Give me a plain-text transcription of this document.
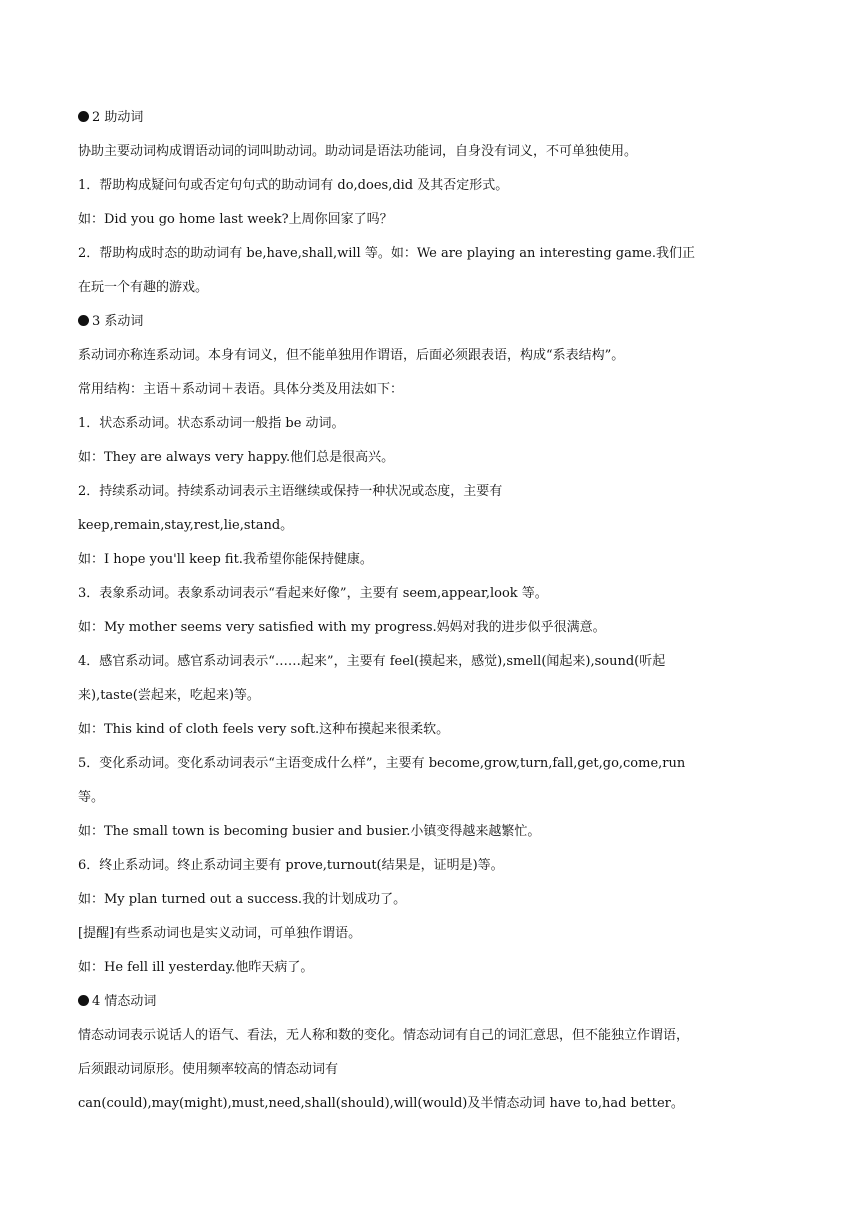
2 助动词

协助主要动词构成谓语动词的词叫助动词。助动词是语法功能词，自身没有词义，不可单独使用。

1．帮助构成疑问句或否定句句式的助动词有 do,does,did 及其否定形式。

如：Did you go home last week?上周你回家了吗？

2．帮助构成时态的助动词有 be,have,shall,will 等。如：We are playing an interesting game.我们正

在玩一个有趣的游戏。

3 系动词

系动词亦称连系动词。本身有词义，但不能单独用作谓语，后面必须跟表语，构成“系表结构”。

常用结构：主语＋系动词＋表语。具体分类及用法如下：

1．状态系动词。状态系动词一般指 be 动词。

如：They are always very happy.他们总是很高兴。

2．持续系动词。持续系动词表示主语继续或保持一种状况或态度，主要有

keep,remain,stay,rest,lie,stand。

如：I hope you'll keep fit.我希望你能保持健康。

3．表象系动词。表象系动词表示“看起来好像”，主要有 seem,appear,look 等。

如：My mother seems very satisfied with my progress.妈妈对我的进步似乎很满意。

4．感官系动词。感官系动词表示“……起来”，主要有 feel(摸起来，感觉),smell(闻起来),sound(听起

来),taste(尝起来，吃起来)等。

如：This kind of cloth feels very soft.这种布摸起来很柔软。

5．变化系动词。变化系动词表示“主语变成什么样”，主要有 become,grow,turn,fall,get,go,come,run

等。

如：The small town is becoming busier and busier.小镇变得越来越繁忙。

6．终止系动词。终止系动词主要有 prove,turnout(结果是，证明是)等。

如：My plan turned out a success.我的计划成功了。

[提醒]有些系动词也是实义动词，可单独作谓语。

如：He fell ill yesterday.他昨天病了。

4 情态动词

情态动词表示说话人的语气、看法，无人称和数的变化。情态动词有自己的词汇意思，但不能独立作谓语，

后须跟动词原形。使用频率较高的情态动词有

can(could),may(might),must,need,shall(should),will(would)及半情态动词 have to,had better。
